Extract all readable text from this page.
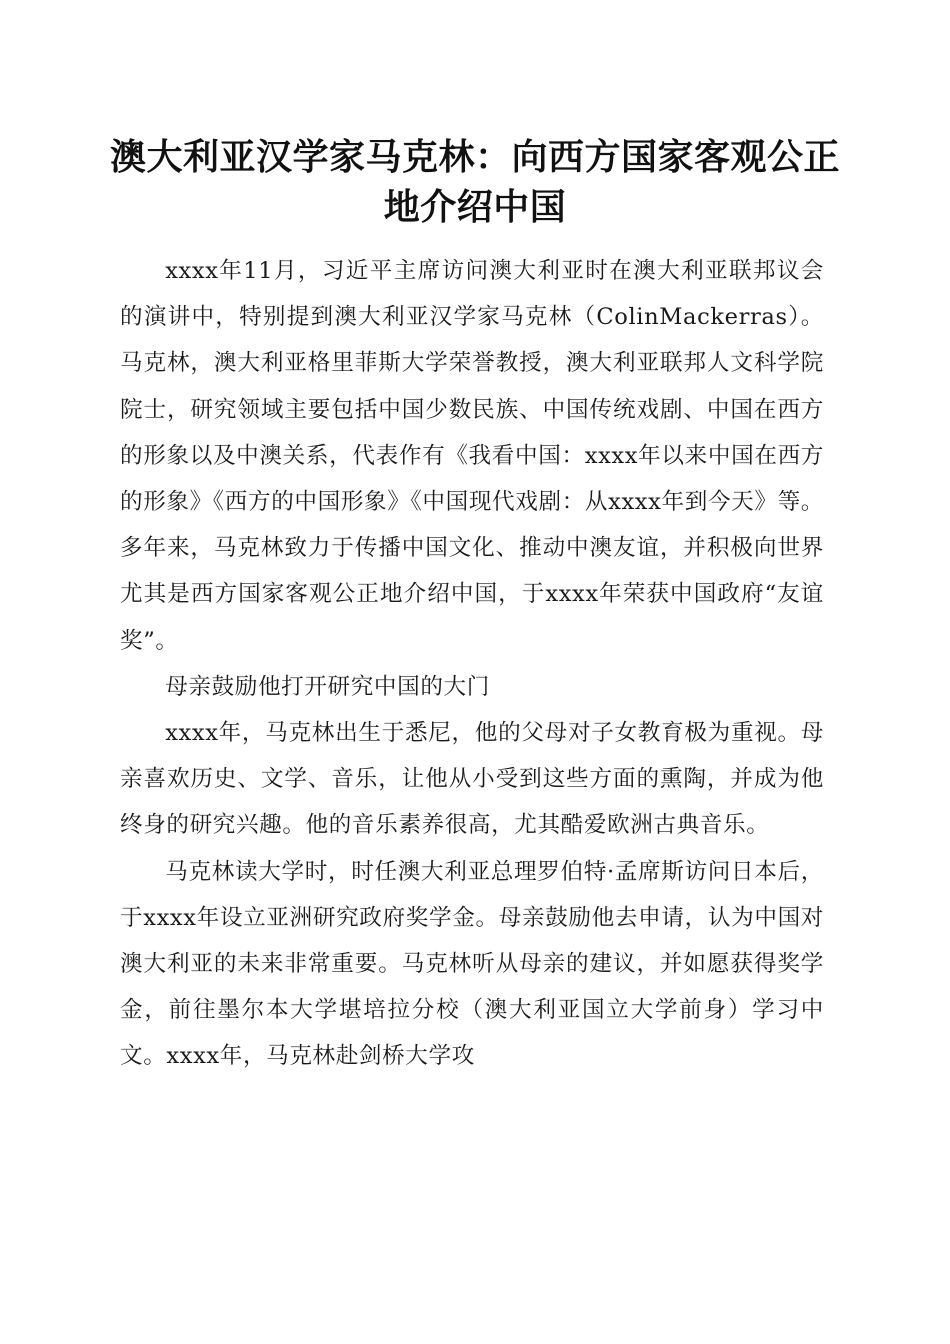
澳大利亚汉学家马克林：向西方国家客观公正地介绍中国

xxxx年11月，习近平主席访问澳大利亚时在澳大利亚联邦议会的演讲中，特别提到澳大利亚汉学家马克林（ColinMackerras）。马克林，澳大利亚格里菲斯大学荣誉教授，澳大利亚联邦人文科学院院士，研究领域主要包括中国少数民族、中国传统戏剧、中国在西方的形象以及中澳关系，代表作有《我看中国：xxxx年以来中国在西方的形象》《西方的中国形象》《中国现代戏剧：从xxxx年到今天》等。多年来，马克林致力于传播中国文化、推动中澳友谊，并积极向世界尤其是西方国家客观公正地介绍中国，于xxxx年荣获中国政府“友谊奖”。

母亲鼓励他打开研究中国的大门

xxxx年，马克林出生于悉尼，他的父母对子女教育极为重视。母亲喜欢历史、文学、音乐，让他从小受到这些方面的熏陶，并成为他终身的研究兴趣。他的音乐素养很高，尤其酷爱欧洲古典音乐。

马克林读大学时，时任澳大利亚总理罗伯特·孟席斯访问日本后，于xxxx年设立亚洲研究政府奖学金。母亲鼓励他去申请，认为中国对澳大利亚的未来非常重要。马克林听从母亲的建议，并如愿获得奖学金，前往墨尔本大学堪培拉分校（澳大利亚国立大学前身）学习中文。xxxx年，马克林赴剑桥大学攻
